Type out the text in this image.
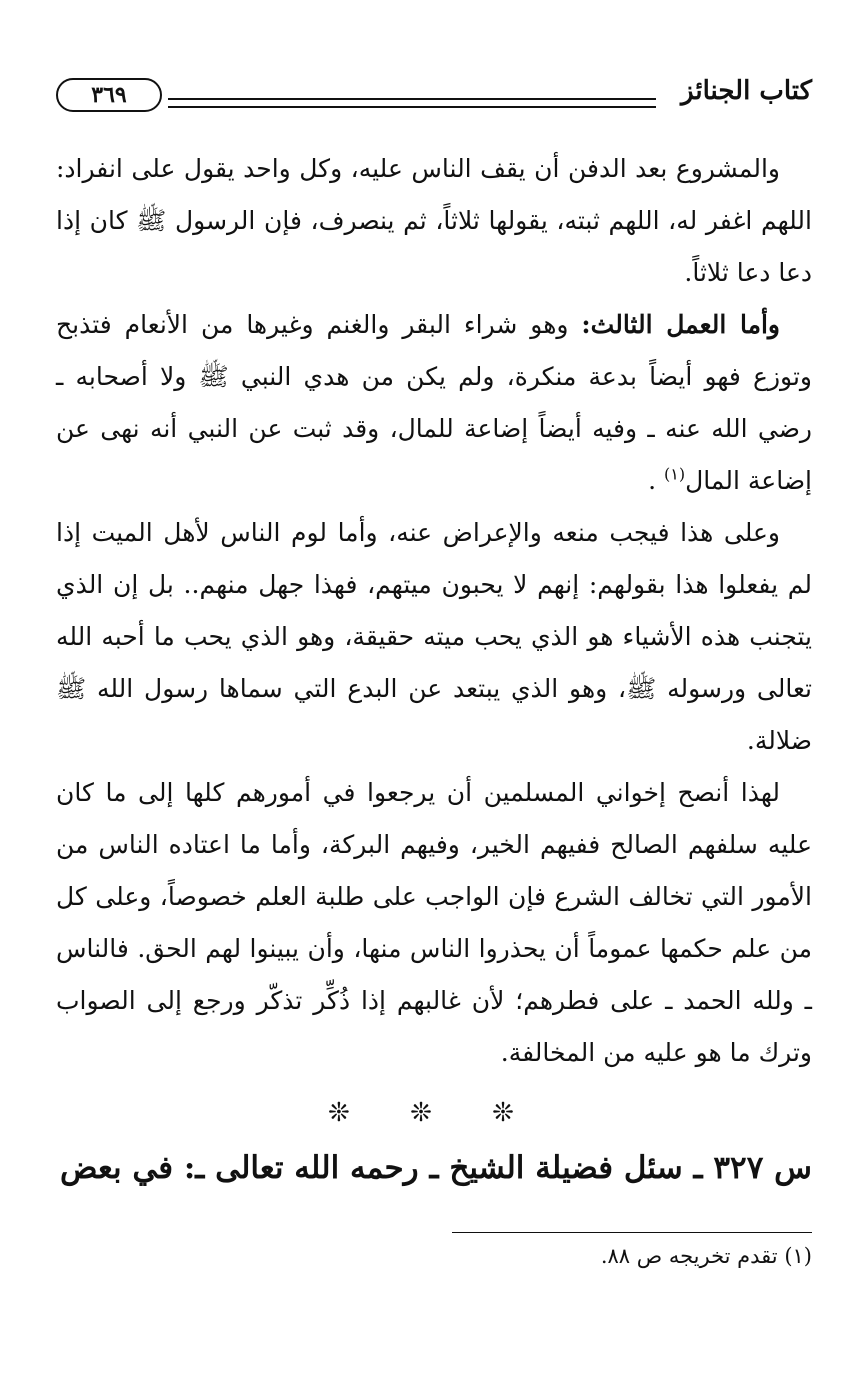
كتاب الجنائز
٣٦٩

والمشروع بعد الدفن أن يقف الناس عليه، وكل واحد يقول على انفراد: اللهم اغفر له، اللهم ثبته، يقولها ثلاثاً، ثم ينصرف، فإن الرسول ﷺ كان إذا دعا دعا ثلاثاً.

وأما العمل الثالث: وهو شراء البقر والغنم وغيرها من الأنعام فتذبح وتوزع فهو أيضاً بدعة منكرة، ولم يكن من هدي النبي ﷺ ولا أصحابه ـ رضي الله عنه ـ وفيه أيضاً إضاعة للمال، وقد ثبت عن النبي أنه نهى عن إضاعة المال$^{(١)}$ .

وعلى هذا فيجب منعه والإعراض عنه، وأما لوم الناس لأهل الميت إذا لم يفعلوا هذا بقولهم: إنهم لا يحبون ميتهم، فهذا جهل منهم.. بل إن الذي يتجنب هذه الأشياء هو الذي يحب ميته حقيقة، وهو الذي يحب ما أحبه الله تعالى ورسوله ﷺ، وهو الذي يبتعد عن البدع التي سماها رسول الله ﷺ ضلالة.

لهذا أنصح إخواني المسلمين أن يرجعوا في أمورهم كلها إلى ما كان عليه سلفهم الصالح ففيهم الخير، وفيهم البركة، وأما ما اعتاده الناس من الأمور التي تخالف الشرع فإن الواجب على طلبة العلم خصوصاً، وعلى كل من علم حكمها عموماً أن يحذروا الناس منها، وأن يبينوا لهم الحق. فالناس ـ ولله الحمد ـ على فطرهم؛ لأن غالبهم إذا ذُكِّر تذكّر ورجع إلى الصواب وترك ما هو عليه من المخالفة.

❊ ❊ ❊
س ٣٢٧ ـ سئل فضيلة الشيخ ـ رحمه الله تعالى ـ: في بعض
(١) تقدم تخريجه ص ٨٨.
